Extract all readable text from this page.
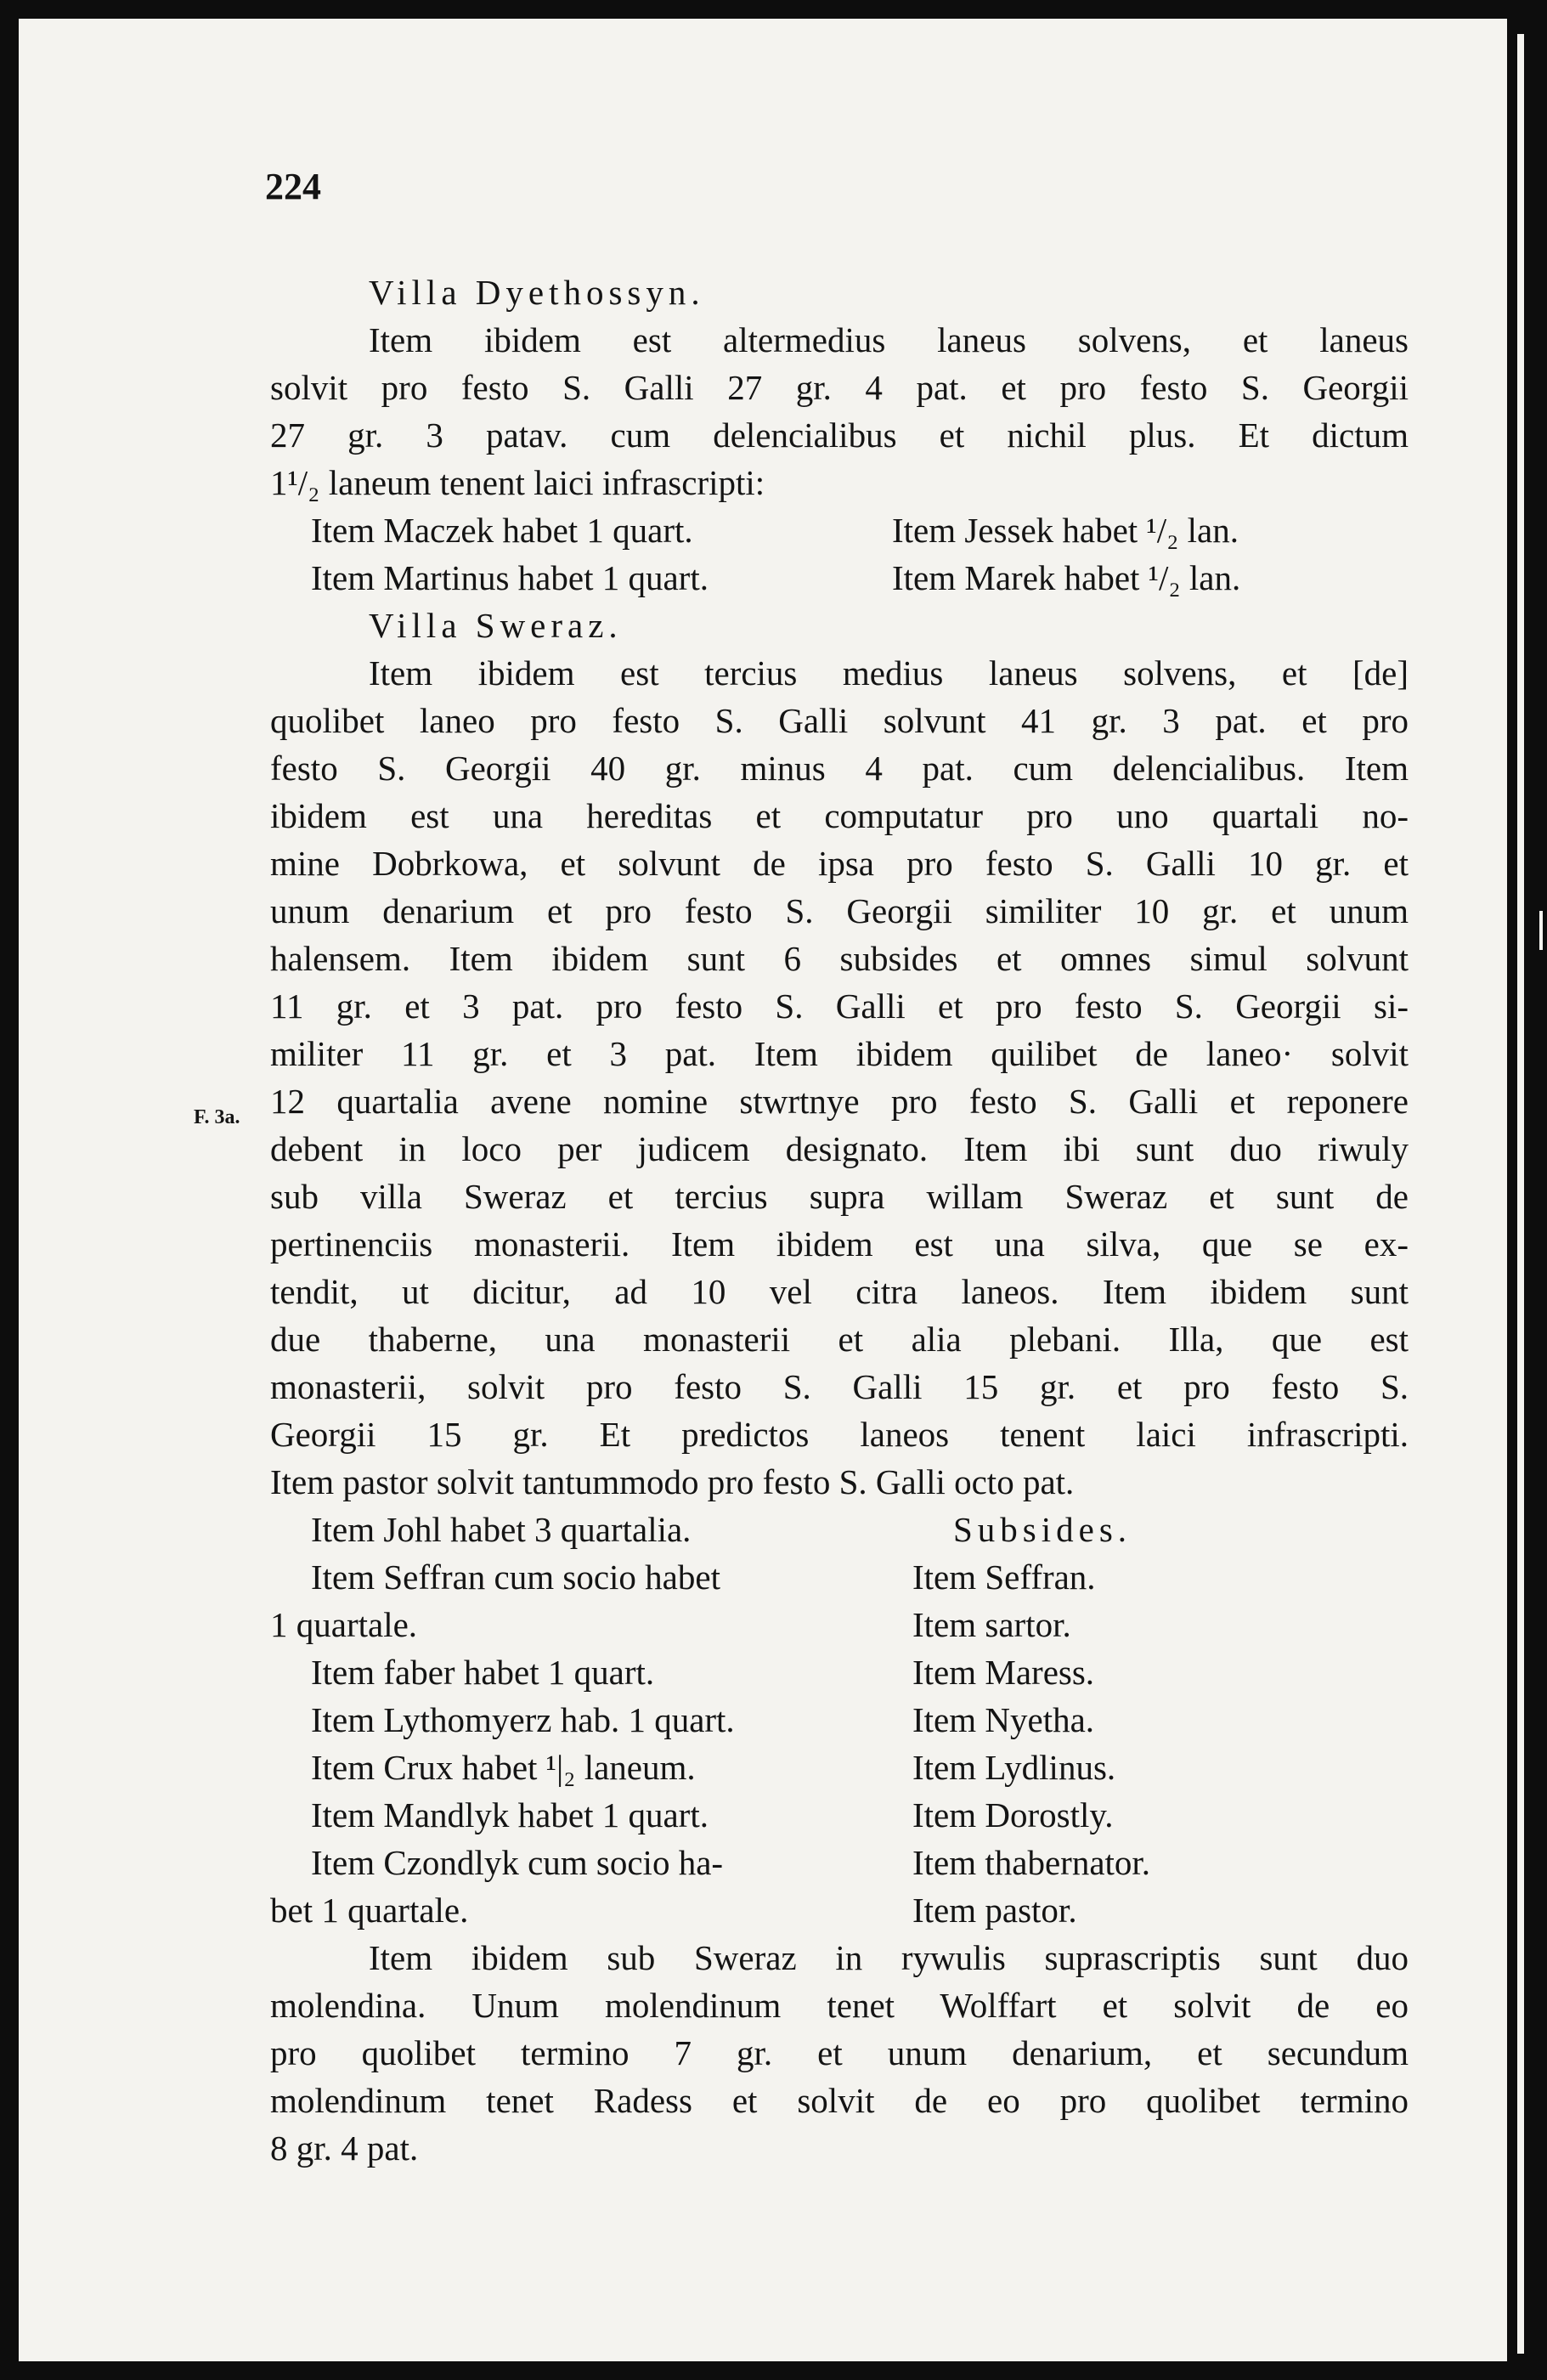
224
Villa Dyethossyn.
Item ibidem est altermedius laneus solvens, et laneus
solvit pro festo S. Galli 27 gr. 4 pat. et pro festo S. Georgii
27 gr. 3 patav. cum delencialibus et nichil plus. Et dictum
1¹/₂ laneum tenent laici infrascripti:
Item Maczek habet 1 quart.	Item Jessek habet ¹/₂ lan.
Item Martinus habet 1 quart.	Item Marek habet ¹/₂ lan.
Villa Sweraz.
Item ibidem est tercius medius laneus solvens, et [de]
quolibet laneo pro festo S. Galli solvunt 41 gr. 3 pat. et pro
festo S. Georgii 40 gr. minus 4 pat. cum delencialibus. Item
ibidem est una hereditas et computatur pro uno quartali no-
mine Dobrkowa, et solvunt de ipsa pro festo S. Galli 10 gr. et
unum denarium et pro festo S. Georgii similiter 10 gr. et unum
halensem. Item ibidem sunt 6 subsides et omnes simul solvunt
11 gr. et 3 pat. pro festo S. Galli et pro festo S. Georgii si-
militer 11 gr. et 3 pat. Item ibidem quilibet de laneo· solvit
F. 3a. 12 quartalia avene nomine stwrtnye pro festo S. Galli et reponere
debent in loco per judicem designato. Item ibi sunt duo riwuly
sub villa Sweraz et tercius supra willam Sweraz et sunt de
pertinenciis monasterii. Item ibidem est una silva, que se ex-
tendit, ut dicitur, ad 10 vel citra laneos. Item ibidem sunt
due thaberne, una monasterii et alia plebani. Illa, que est
monasterii, solvit pro festo S. Galli 15 gr. et pro festo S.
Georgii 15 gr. Et predictos laneos tenent laici infrascripti.
Item pastor solvit tantummodo pro festo S. Galli octo pat.
Item Johl habet 3 quartalia.
Item Seffran cum socio habet
1 quartale.
Item faber habet 1 quart.
Item Lythomyerz hab. 1 quart.
Item Crux habet ¹|₂ laneum.
Item Mandlyk habet 1 quart.
Item Czondlyk cum socio ha-
bet 1 quartale.
Subsides.
Item Seffran.
Item sartor.
Item Maress.
Item Nyetha.
Item Lydlinus.
Item Dorostly.
Item thabernator.
Item pastor.
Item ibidem sub Sweraz in rywulis suprascriptis sunt duo
molendina. Unum molendinum tenet Wolffart et solvit de eo
pro quolibet termino 7 gr. et unum denarium, et secundum
molendinum tenet Radess et solvit de eo pro quolibet termino
8 gr. 4 pat.
